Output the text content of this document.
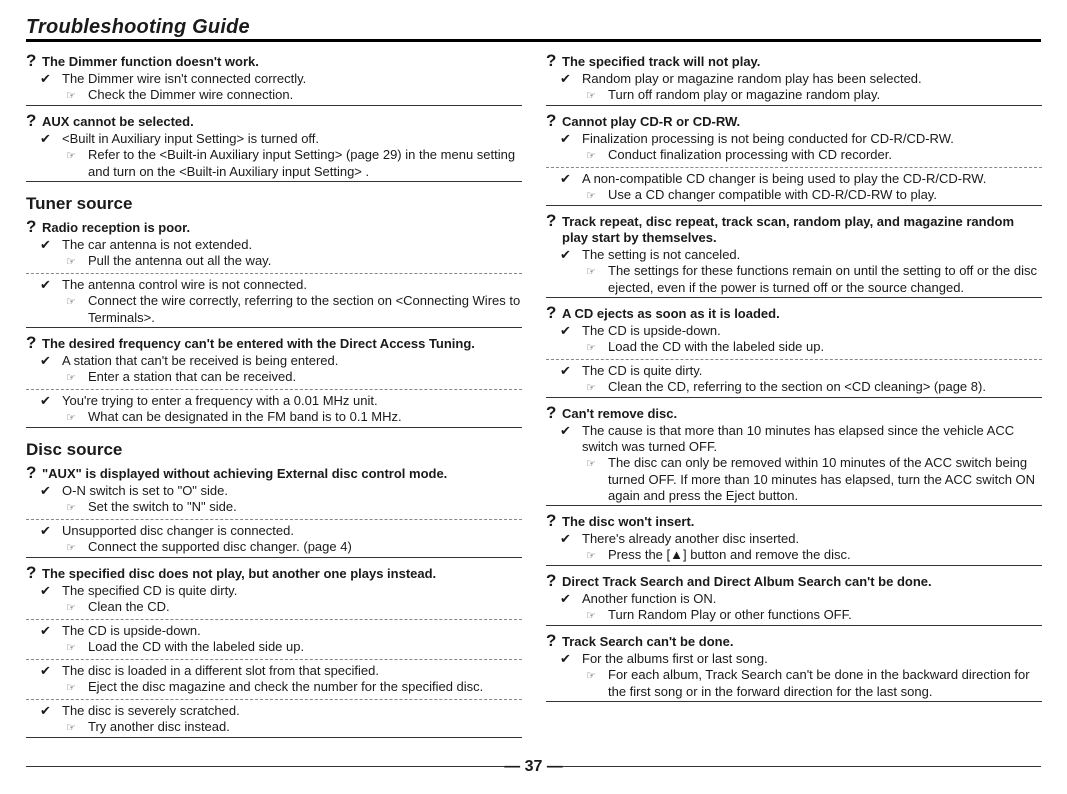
Troubleshooting Guide
? The Dimmer function doesn't work.
✔ The Dimmer wire isn't connected correctly.
☞ Check the Dimmer wire connection.
? AUX cannot be selected.
✔ <Built in Auxiliary input Setting> is turned off.
☞ Refer to the <Built-in Auxiliary input Setting> (page 29) in the menu setting and turn on the <Built-in Auxiliary input Setting> .
Tuner source
? Radio reception is poor.
✔ The car antenna is not extended.
☞ Pull the antenna out all the way.
✔ The antenna control wire is not connected.
☞ Connect the wire correctly, referring to the section on <Connecting Wires to Terminals>.
? The desired frequency can't be entered with the Direct Access Tuning.
✔ A station that can't be received is being entered.
☞ Enter a station that can be received.
✔ You're trying to enter a frequency with a 0.01 MHz unit.
☞ What can be designated in the FM band is to 0.1 MHz.
Disc source
? "AUX" is displayed without achieving External disc control mode.
✔ O-N switch is set to "O" side.
☞ Set the switch to "N" side.
✔ Unsupported disc changer is connected.
☞ Connect the supported disc changer. (page 4)
? The specified disc does not play, but another one plays instead.
✔ The specified CD is quite dirty.
☞ Clean the CD.
✔ The CD is upside-down.
☞ Load the CD with the labeled side up.
✔ The disc is loaded in a different slot from that specified.
☞ Eject the disc magazine and check the number for the specified disc.
✔ The disc is severely scratched.
☞ Try another disc instead.
? The specified track will not play.
✔ Random play or magazine random play has been selected.
☞ Turn off random play or magazine random play.
? Cannot play CD-R or CD-RW.
✔ Finalization processing is not being conducted for CD-R/CD-RW.
☞ Conduct finalization processing with CD recorder.
✔ A non-compatible CD changer is being used to play the CD-R/CD-RW.
☞ Use a CD changer compatible with CD-R/CD-RW to play.
? Track repeat, disc repeat, track scan, random play, and magazine random play start by themselves.
✔ The setting is not canceled.
☞ The settings for these functions remain on until the setting to off or the disc ejected, even if the power is turned off or the source changed.
? A CD ejects as soon as it is loaded.
✔ The CD is upside-down.
☞ Load the CD with the labeled side up.
✔ The CD is quite dirty.
☞ Clean the CD, referring to the section on <CD cleaning> (page 8).
? Can't remove disc.
✔ The cause is that more than 10 minutes has elapsed since the vehicle ACC switch was turned OFF.
☞ The disc can only be removed within 10 minutes of the ACC switch being turned OFF. If more than 10 minutes has elapsed, turn the ACC switch ON again and press the Eject button.
? The disc won't insert.
✔ There's already another disc inserted.
☞ Press the [▲] button and remove the disc.
? Direct Track Search and Direct Album Search can't be done.
✔ Another function is ON.
☞ Turn Random Play or other functions OFF.
? Track Search can't be done.
✔ For the albums first or last song.
☞ For each album, Track Search can't be done in the backward direction for the first song or in the forward direction for the last song.
— 37 —
